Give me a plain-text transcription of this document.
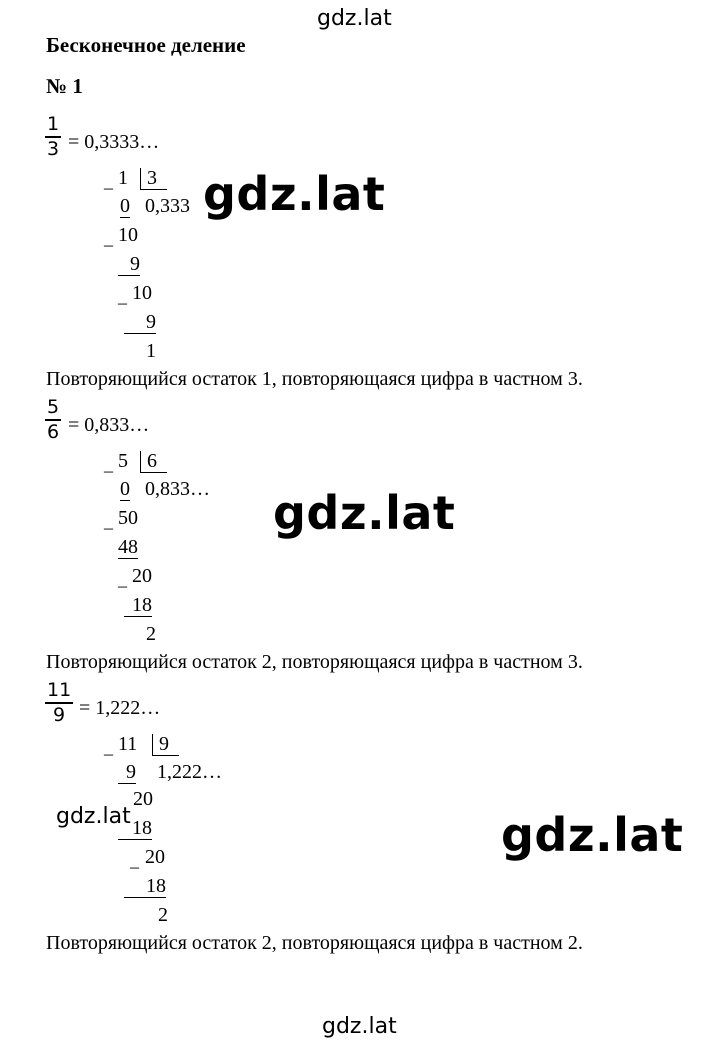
gdz.lat
gdz.lat
gdz.lat
gdz.lat	gdz.lat
gdz.lat
Бесконечное деление
№ 1
1
3 = 0,3333…
_ 1 3
0 0,333
_ 10
9
_ 10
9
1
Повторяющийся остаток 1, повторяющаяся цифра в частном 3.
5
6 = 0,833…
_ 5 6
0 0,833…
_ 50
48
_ 20
18
2
Повторяющийся остаток 2, повторяющаяся цифра в частном 3.
11
9 = 1,222…
_ 11	9
9 1,222…
20
18
_ 20
18
2
Повторяющийся остаток 2, повторяющаяся цифра в частном 2.
